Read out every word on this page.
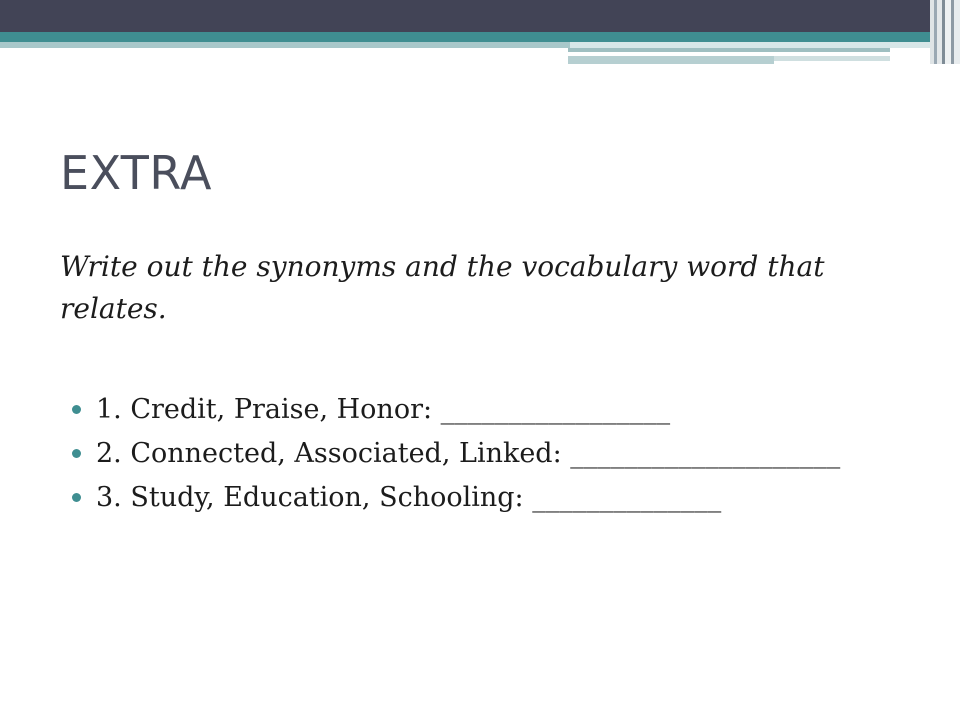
EXTRA

Write out the synonyms and the vocabulary word that relates.

1. Credit, Praise, Honor: _________________
2. Connected, Associated, Linked: ____________________
3. Study, Education, Schooling: ______________
